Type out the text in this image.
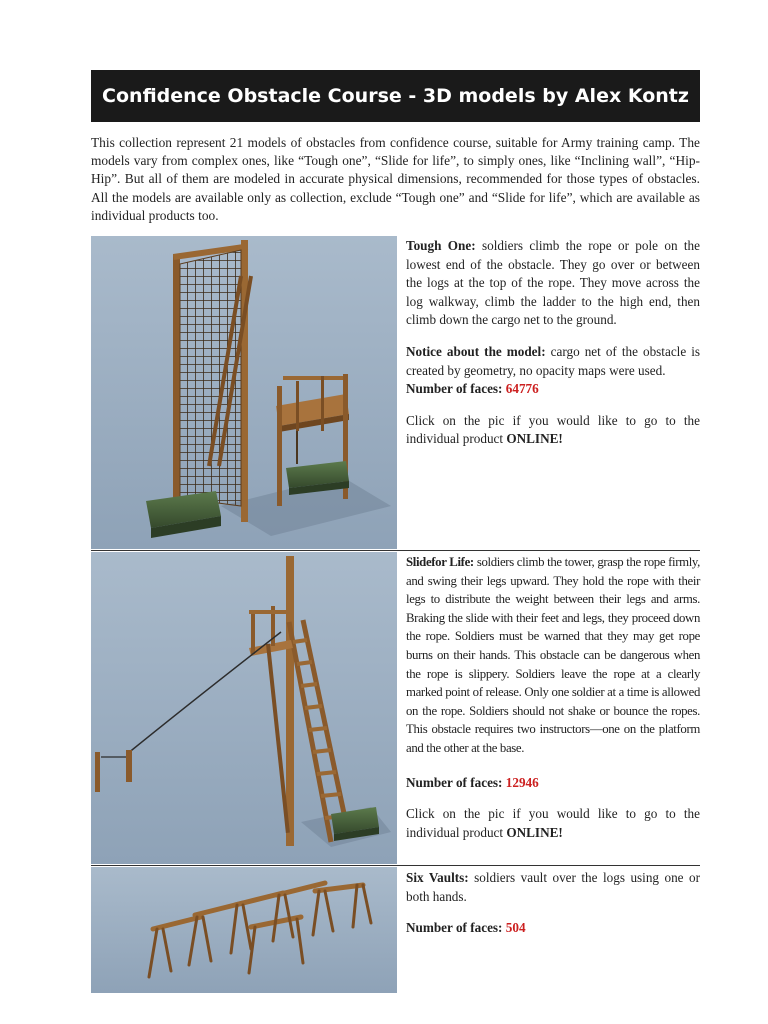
Confidence Obstacle Course - 3D models by Alex Kontz

This collection represent 21 models of obstacles from confidence course, suitable for Army training camp. The models vary from complex ones, like “Tough one”, “Slide for life”, to simply ones, like “Inclining wall”, “Hip-Hip”. But all of them are modeled in accurate physical dimensions, recommended for those types of obstacles. All the models are available only as collection, exclude “Tough one” and “Slide for life”, which are available as individual products too.

Tough One: soldiers climb the rope or pole on the lowest end of the obstacle. They go over or between the logs at the top of the rope. They move across the log walkway, climb the ladder to the high end, then climb down the cargo net to the ground.

Notice about the model: cargo net of the obstacle is created by geometry, no opacity maps were used.

Number of faces: 64776

Click on the pic if you would like to go to the individual product ONLINE!

Slidefor Life: soldiers climb the tower, grasp the rope firmly, and swing their legs upward. They hold the rope with their legs to distribute the weight between their legs and arms. Braking the slide with their feet and legs, they proceed down the rope. Soldiers must be warned that they may get rope burns on their hands. This obstacle can be dangerous when the rope is slippery. Soldiers leave the rope at a clearly marked point of release. Only one soldier at a time is allowed on the rope. Soldiers should not shake or bounce the ropes. This obstacle requires two instructors—one on the platform and the other at the base.

Number of faces: 12946

Click on the pic if you would like to go to the individual product ONLINE!

Six Vaults: soldiers vault over the logs using one or both hands.

Number of faces: 504
